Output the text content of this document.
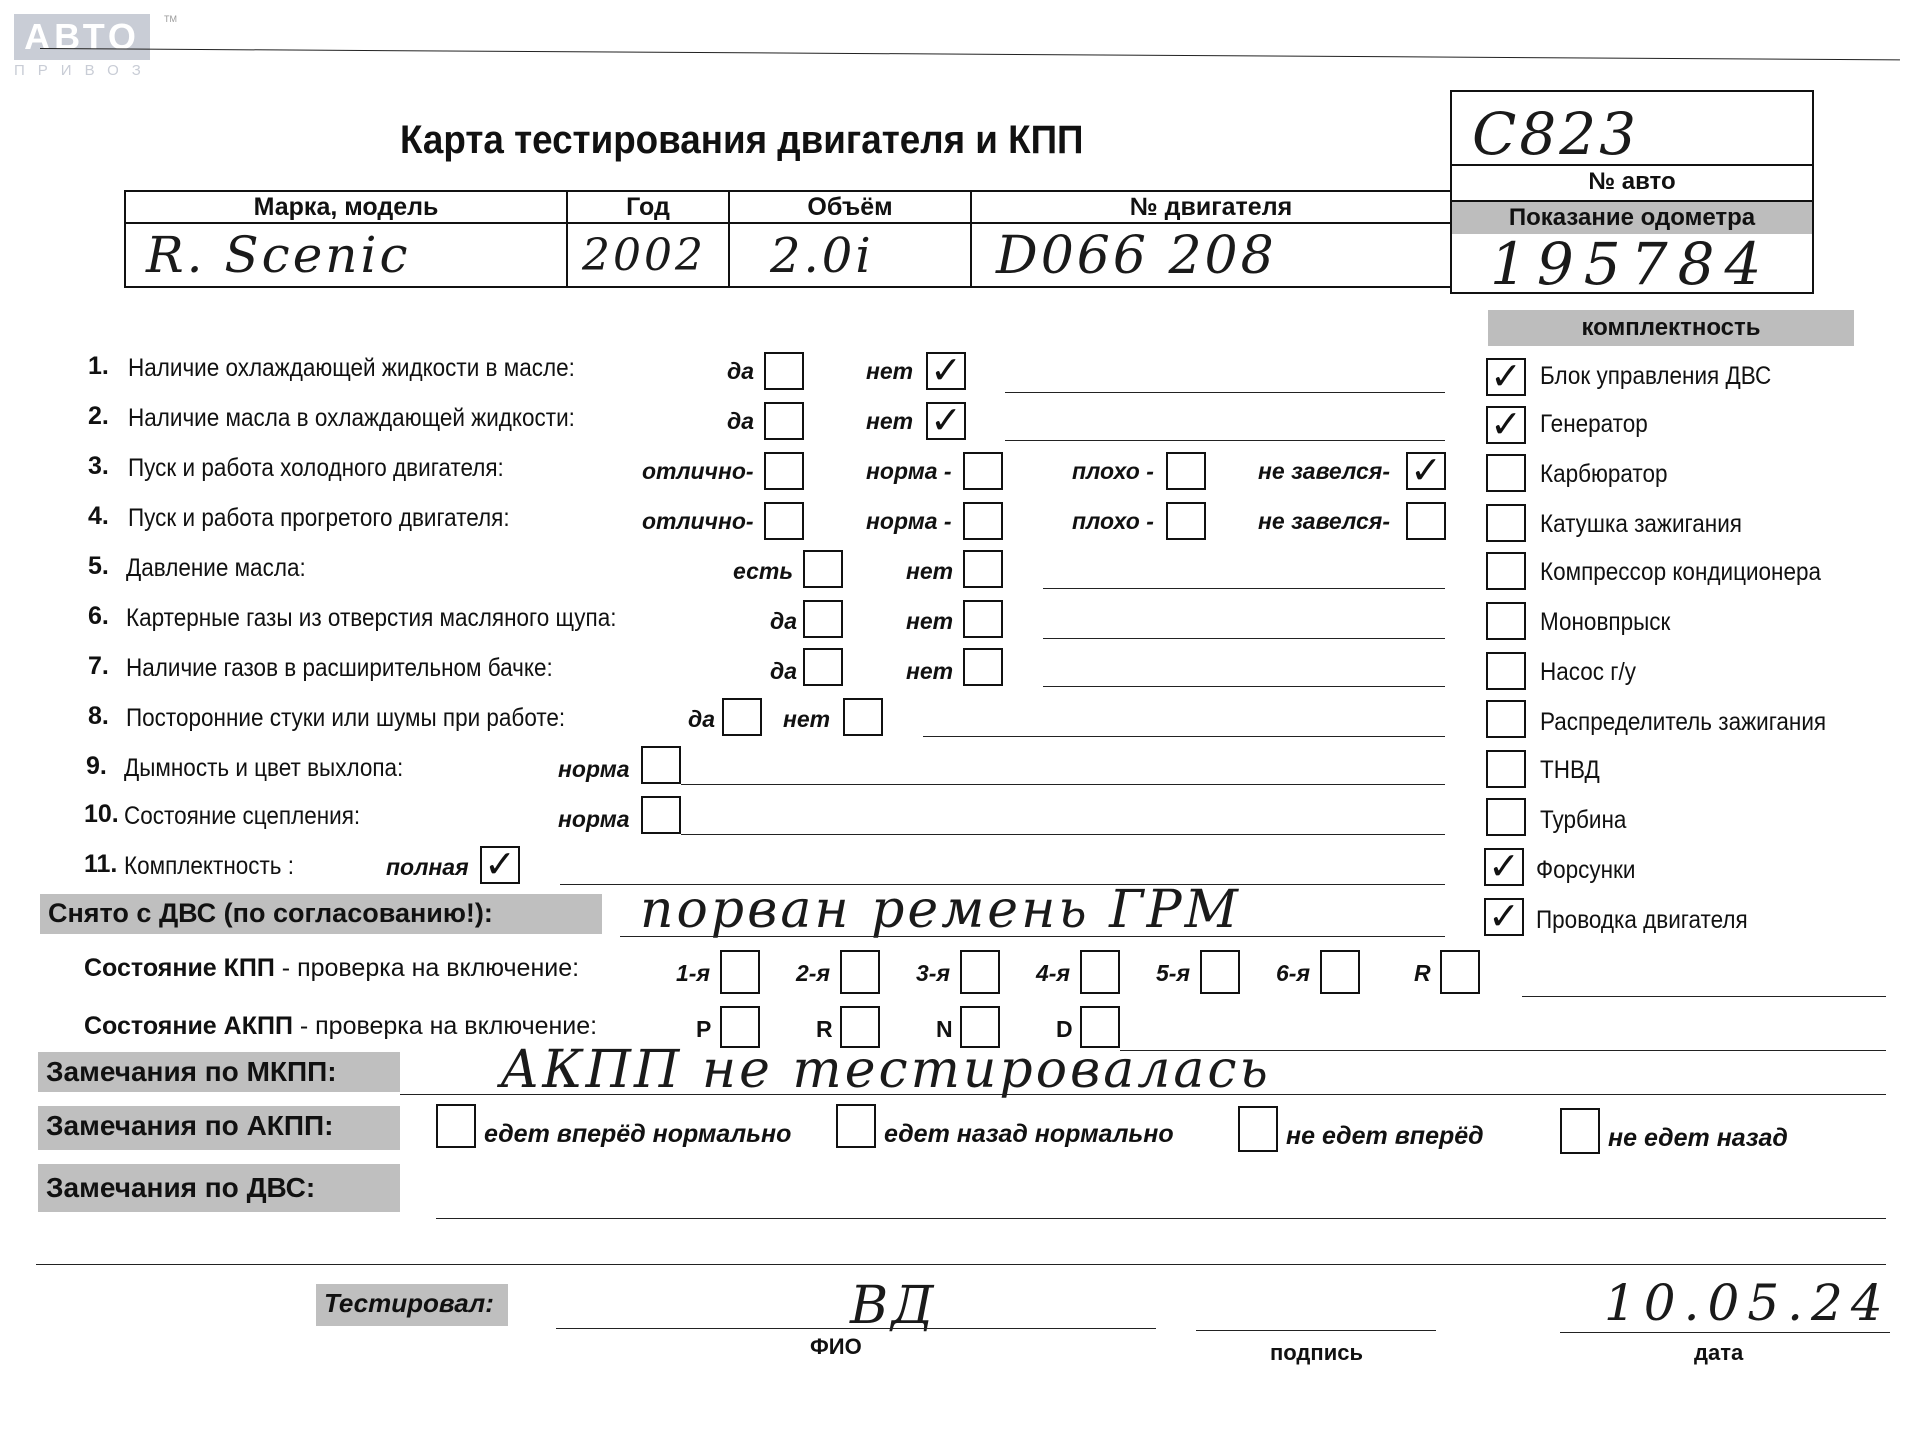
АВТО
ПРИВОЗ
TM
Карта тестирования двигателя и КПП	С823
№ авто
Показание одометра
195784
Марка, модель	Год	Объём	№ двигателя

R. Scenic	2002	2.0i	D066 208
комплектность
1. Наличие охлаждающей жидкости в масле:	да	нет ✓
2. Наличие масла в охлаждающей жидкости:	да	нет ✓
3. Пуск и работа холодного двигателя:	отлично-	норма -	плохо -	не завелся- ✓
4. Пуск и работа прогретого двигателя:	отлично-	норма -	плохо -	не завелся-
5. Давление масла:	есть	нет
6. Картерные газы из отверстия масляного щупа:	да	нет
7. Наличие газов в расширительном бачке:	да	нет
8. Посторонние стуки или шумы при работе:	да	нет
9. Дымность и цвет выхлопа:	норма
10. Состояние сцепления:	норма
11. Комплектность :	полная ✓
✓ Блок управления ДВС
✓ Генератор
Карбюратор
Катушка зажигания
Компрессор кондиционера
Моновпрыск
Насос г/у
Распределитель зажигания
ТНВД
Турбина
✓ Форсунки
✓ Проводка двигателя
Снято с ДВС (по согласованию!):	порван ремень ГРМ
Состояние КПП - проверка на включение:	1-я	2-я	3-я	4-я	5-я	6-я	R
Состояние АКПП - проверка на включение:	P	R	N	D
Замечания по МКПП:	АКПП не тестировалась
Замечания по АКПП:	едет вперёд нормально	едет назад нормально	не едет вперёд	не едет назад
Замечания по ДВС:
Тестировал:	ВД
ФИО	подпись
10.05.24
дата
